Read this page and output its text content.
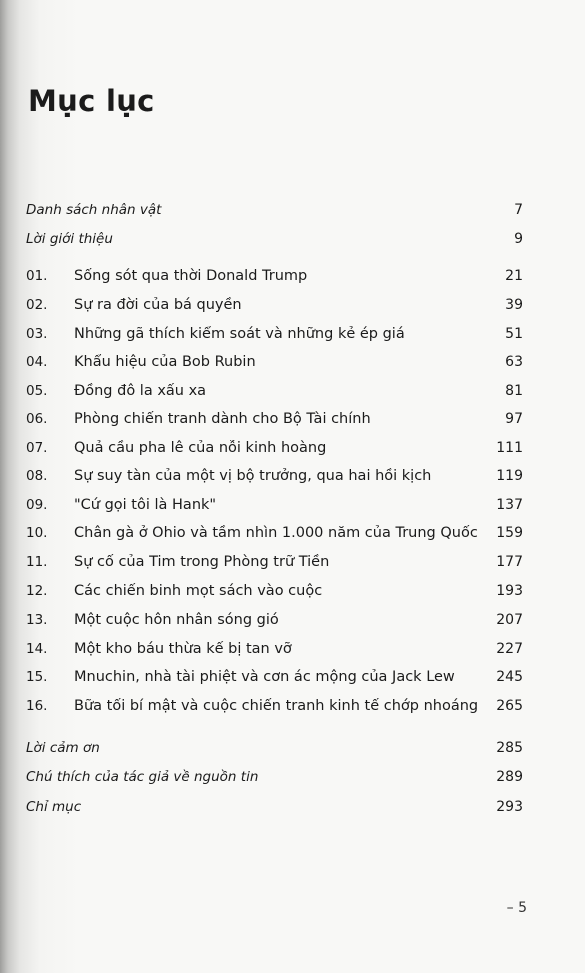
Mục lục
Danh sách nhân vật	7
Lời giới thiệu	9
01.	Sống sót qua thời Donald Trump	21
02.	Sự ra đời của bá quyền	39
03.	Những gã thích kiểm soát và những kẻ ép giá	51
04.	Khẩu hiệu của Bob Rubin	63
05.	Đồng đô la xấu xa	81
06.	Phòng chiến tranh dành cho Bộ Tài chính	97
07.	Quả cầu pha lê của nỗi kinh hoàng	111
08.	Sự suy tàn của một vị bộ trưởng, qua hai hồi kịch	119
09.	"Cứ gọi tôi là Hank"	137
10.	Chân gà ở Ohio và tầm nhìn 1.000 năm của Trung Quốc	159
11.	Sự cố của Tim trong Phòng trữ Tiền	177
12.	Các chiến binh mọt sách vào cuộc	193
13.	Một cuộc hôn nhân sóng gió	207
14.	Một kho báu thừa kế bị tan vỡ	227
15.	Mnuchin, nhà tài phiệt và cơn ác mộng của Jack Lew	245
16.	Bữa tối bí mật và cuộc chiến tranh kinh tế chớp nhoáng	265
Lời cảm ơn	285
Chú thích của tác giả về nguồn tin	289
Chỉ mục	293
– 5
